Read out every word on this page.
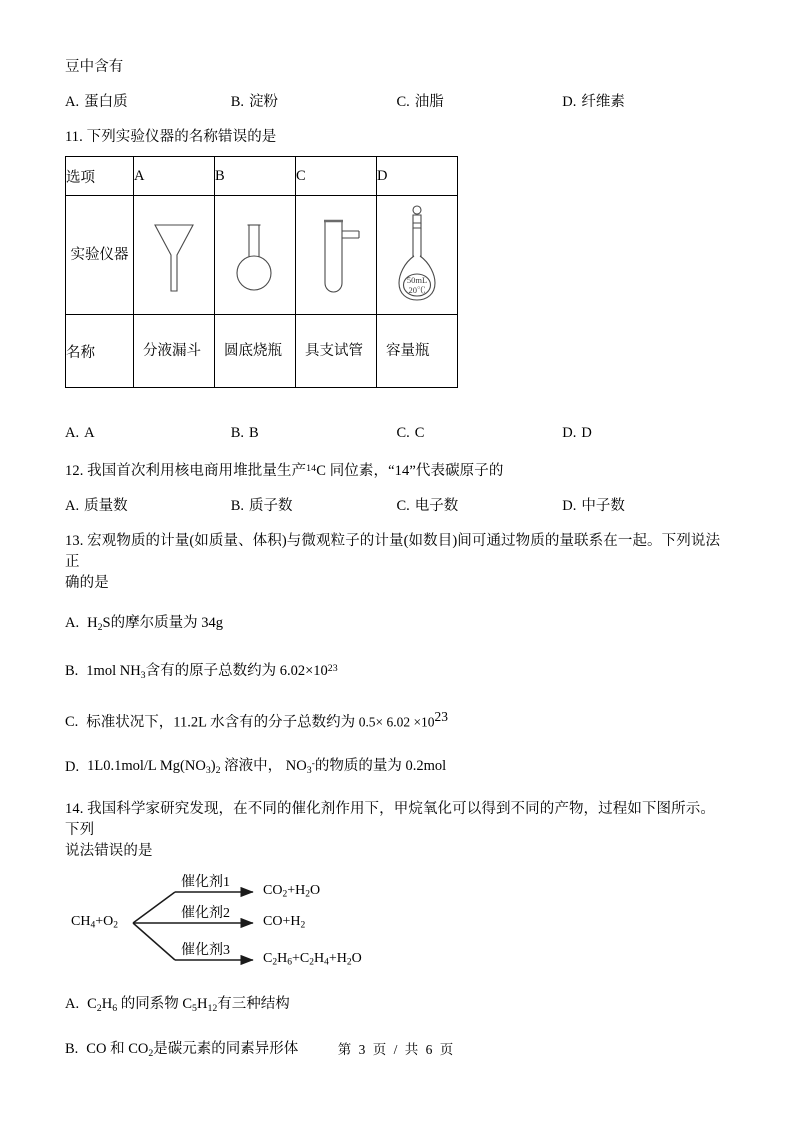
豆中含有
A. 蛋白质	B. 淀粉	C. 油脂	D. 纤维素
11. 下列实验仪器的名称错误的是
选项	A	B	C	D
实验仪器				50mL
20℃

名称	分液漏斗	圆底烧瓶	具支试管	容量瓶
A. A	B. B	C. C	D. D
12. 我国首次利用核电商用堆批量生产$^{14}$C 同位素，“14”代表碳原子的
A. 质量数	B. 质子数	C. 电子数	D. 中子数
13. 宏观物质的计量(如质量、体积)与微观粒子的计量(如数目)间可通过物质的量联系在一起。下列说法正
确的是
A. $H_2S$的摩尔质量为 34g
B. 1mol $NH_3$含有的原子总数约为 $6.02\times 10^{23}$
C. 标准状况下，11.2L 水含有的分子总数约为 $0.5\times 6.02 \times 10^{23}$
D. 1L0.1mol/L $Mg(NO_3)_2$ 溶液中， $NO_3^-$的物质的量为 0.2mol
14. 我国科学家研究发现，在不同的催化剂作用下，甲烷氧化可以得到不同的产物，过程如下图所示。下列
说法错误的是
$CH_4+O_2$
催化剂1
催化剂2
催化剂3
$CO_2+H_2O$
$CO+H_2$
$C_2H_6+C_2H_4+H_2O$
A. $C_2H_6$ 的同系物 $C_5H_{12}$有三种结构
B. CO 和 $CO_2$是碳元素的同素异形体	第 3 页 / 共 6 页
